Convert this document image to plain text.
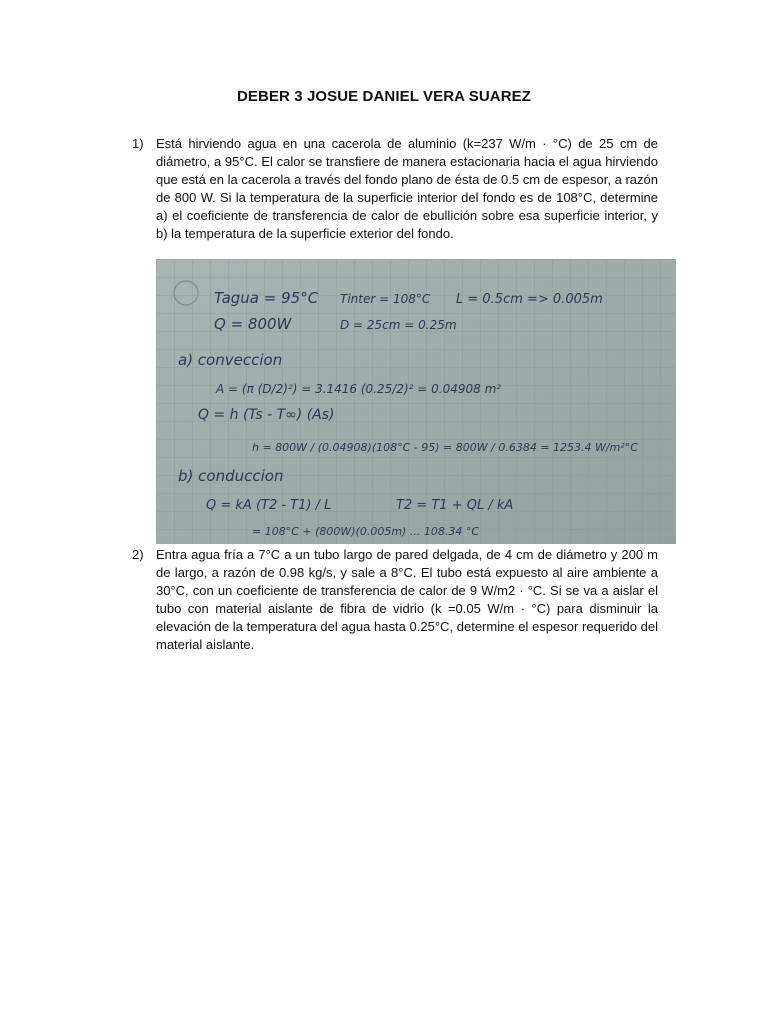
DEBER 3 JOSUE DANIEL VERA SUAREZ
1) Está hirviendo agua en una cacerola de aluminio (k=237 W/m · °C) de 25 cm de diámetro, a 95°C. El calor se transfiere de manera estacionaria hacia el agua hirviendo que está en la cacerola a través del fondo plano de ésta de 0.5 cm de espesor, a razón de 800 W. Si la temperatura de la superficie interior del fondo es de 108°C, determine a) el coeficiente de transferencia de calor de ebullición sobre esa superficie interior, y b) la temperatura de la superficie exterior del fondo.
Tagua = 95°C Tinter = 108°C L = 0.5cm => 0.005m
Q = 800W	D = 25cm = 0.25m
a) conveccion
A = (π (D/2)²) = 3.1416 (0.25/2)² = 0.04908 m²
Q = h (Ts - T∞) (As)
h = 800W / (0.04908)(108°C - 95) = 800W / 0.6384 = 1253.4 W/m²°C
b) conduccion
Q = kA (T2 - T1) / L	T2 = T1 + QL / kA
= 108°C + (800W)(0.005m) ... 108.34 °C
2) Entra agua fría a 7°C a un tubo largo de pared delgada, de 4 cm de diámetro y 200 m de largo, a razón de 0.98 kg/s, y sale a 8°C. El tubo está expuesto al aire ambiente a 30°C, con un coeficiente de transferencia de calor de 9 W/m2 · °C. Si se va a aislar el tubo con material aislante de fibra de vidrio (k =0.05 W/m · °C) para disminuir la elevación de la temperatura del agua hasta 0.25°C, determine el espesor requerido del material aislante.
